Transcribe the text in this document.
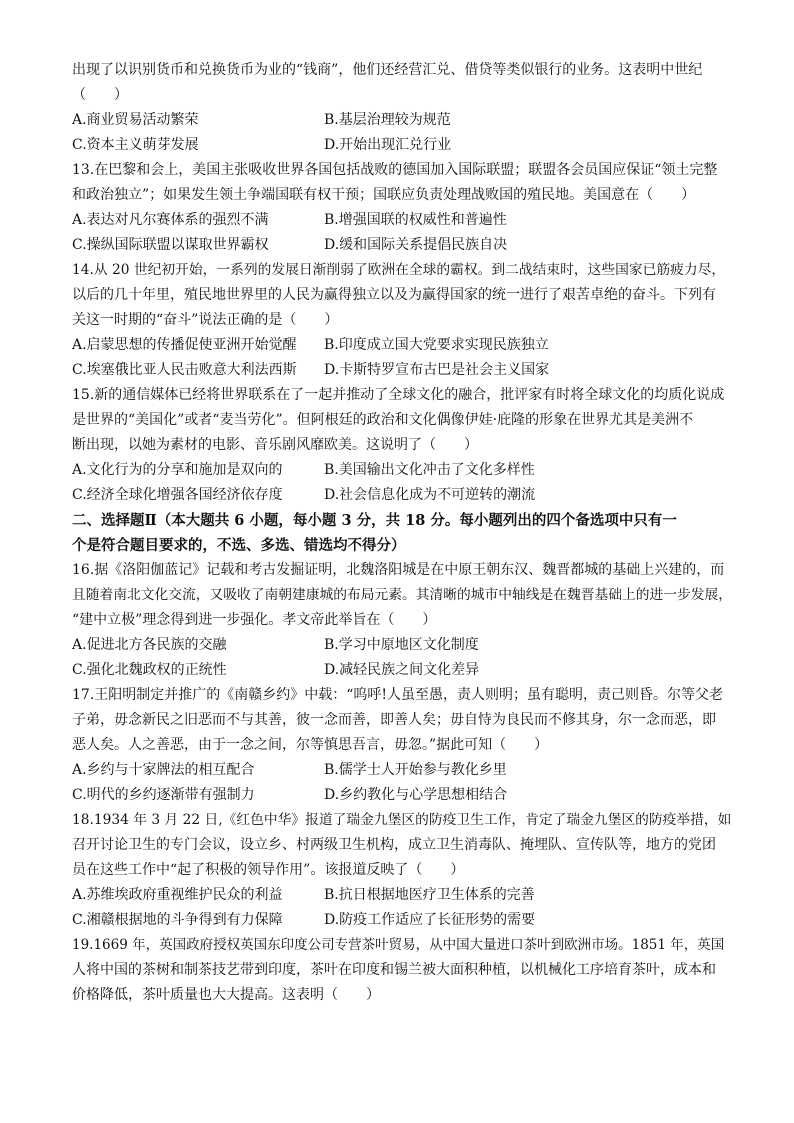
出现了以识别货币和兑换货币为业的“钱商”，他们还经营汇兑、借贷等类似银行的业务。这表明中世纪
（　　）
A.商业贸易活动繁荣	B.基层治理较为规范
C.资本主义萌芽发展	D.开始出现汇兑行业
13.在巴黎和会上，美国主张吸收世界各国包括战败的德国加入国际联盟；联盟各会员国应保证“领土完整
和政治独立”；如果发生领土争端国联有权干预；国联应负责处理战败国的殖民地。美国意在（　　）
A.表达对凡尔赛体系的强烈不满	B.增强国联的权威性和普遍性
C.操纵国际联盟以谋取世界霸权	D.缓和国际关系提倡民族自决
14.从 20 世纪初开始，一系列的发展日渐削弱了欧洲在全球的霸权。到二战结束时，这些国家已筋疲力尽，
以后的几十年里，殖民地世界里的人民为赢得独立以及为赢得国家的统一进行了艰苦卓绝的奋斗。下列有
关这一时期的“奋斗”说法正确的是（　　）
A.启蒙思想的传播促使亚洲开始觉醒	B.印度成立国大党要求实现民族独立
C.埃塞俄比亚人民击败意大利法西斯	D.卡斯特罗宣布古巴是社会主义国家
15.新的通信媒体已经将世界联系在了一起并推动了全球文化的融合，批评家有时将全球文化的均质化说成
是世界的“美国化”或者“麦当劳化”。但阿根廷的政治和文化偶像伊娃·庇隆的形象在世界尤其是美洲不
断出现，以她为素材的电影、音乐剧风靡欧美。这说明了（　　）
A.文化行为的分享和施加是双向的	B.美国输出文化冲击了文化多样性
C.经济全球化增强各国经济依存度	D.社会信息化成为不可逆转的潮流
二、选择题Ⅱ（本大题共 6 小题，每小题 3 分，共 18 分。每小题列出的四个备选项中只有一
个是符合题目要求的，不选、多选、错选均不得分）
16.据《洛阳伽蓝记》记载和考古发掘证明，北魏洛阳城是在中原王朝东汉、魏晋都城的基础上兴建的，而
且随着南北文化交流，又吸收了南朝建康城的布局元素。其清晰的城市中轴线是在魏晋基础上的进一步发展，
“建中立极”理念得到进一步强化。孝文帝此举旨在（　　）
A.促进北方各民族的交融	B.学习中原地区文化制度
C.强化北魏政权的正统性	D.减轻民族之间文化差异
17.王阳明制定并推广的《南赣乡约》中载：“呜呼!人虽至愚，责人则明；虽有聪明，责己则昏。尔等父老
子弟，毋念新民之旧恶而不与其善，彼一念而善，即善人矣；毋自恃为良民而不修其身，尔一念而恶，即
恶人矣。人之善恶，由于一念之间，尔等慎思吾言，毋忽。”据此可知（　　）
A.乡约与十家牌法的相互配合	B.儒学士人开始参与教化乡里
C.明代的乡约逐渐带有强制力	D.乡约教化与心学思想相结合
18.1934 年 3 月 22 日,《红色中华》报道了瑞金九堡区的防疫卫生工作，肯定了瑞金九堡区的防疫举措，如
召开讨论卫生的专门会议，设立乡、村两级卫生机构，成立卫生消毒队、掩埋队、宣传队等，地方的党团
员在这些工作中“起了积极的领导作用”。该报道反映了（　　）
A.苏维埃政府重视维护民众的利益	B.抗日根据地医疗卫生体系的完善
C.湘赣根据地的斗争得到有力保障	D.防疫工作适应了长征形势的需要
19.1669 年，英国政府授权英国东印度公司专营茶叶贸易，从中国大量进口茶叶到欧洲市场。1851 年，英国
人将中国的茶树和制茶技艺带到印度，茶叶在印度和锡兰被大面积种植，以机械化工序培育茶叶，成本和
价格降低，茶叶质量也大大提高。这表明（　　）
